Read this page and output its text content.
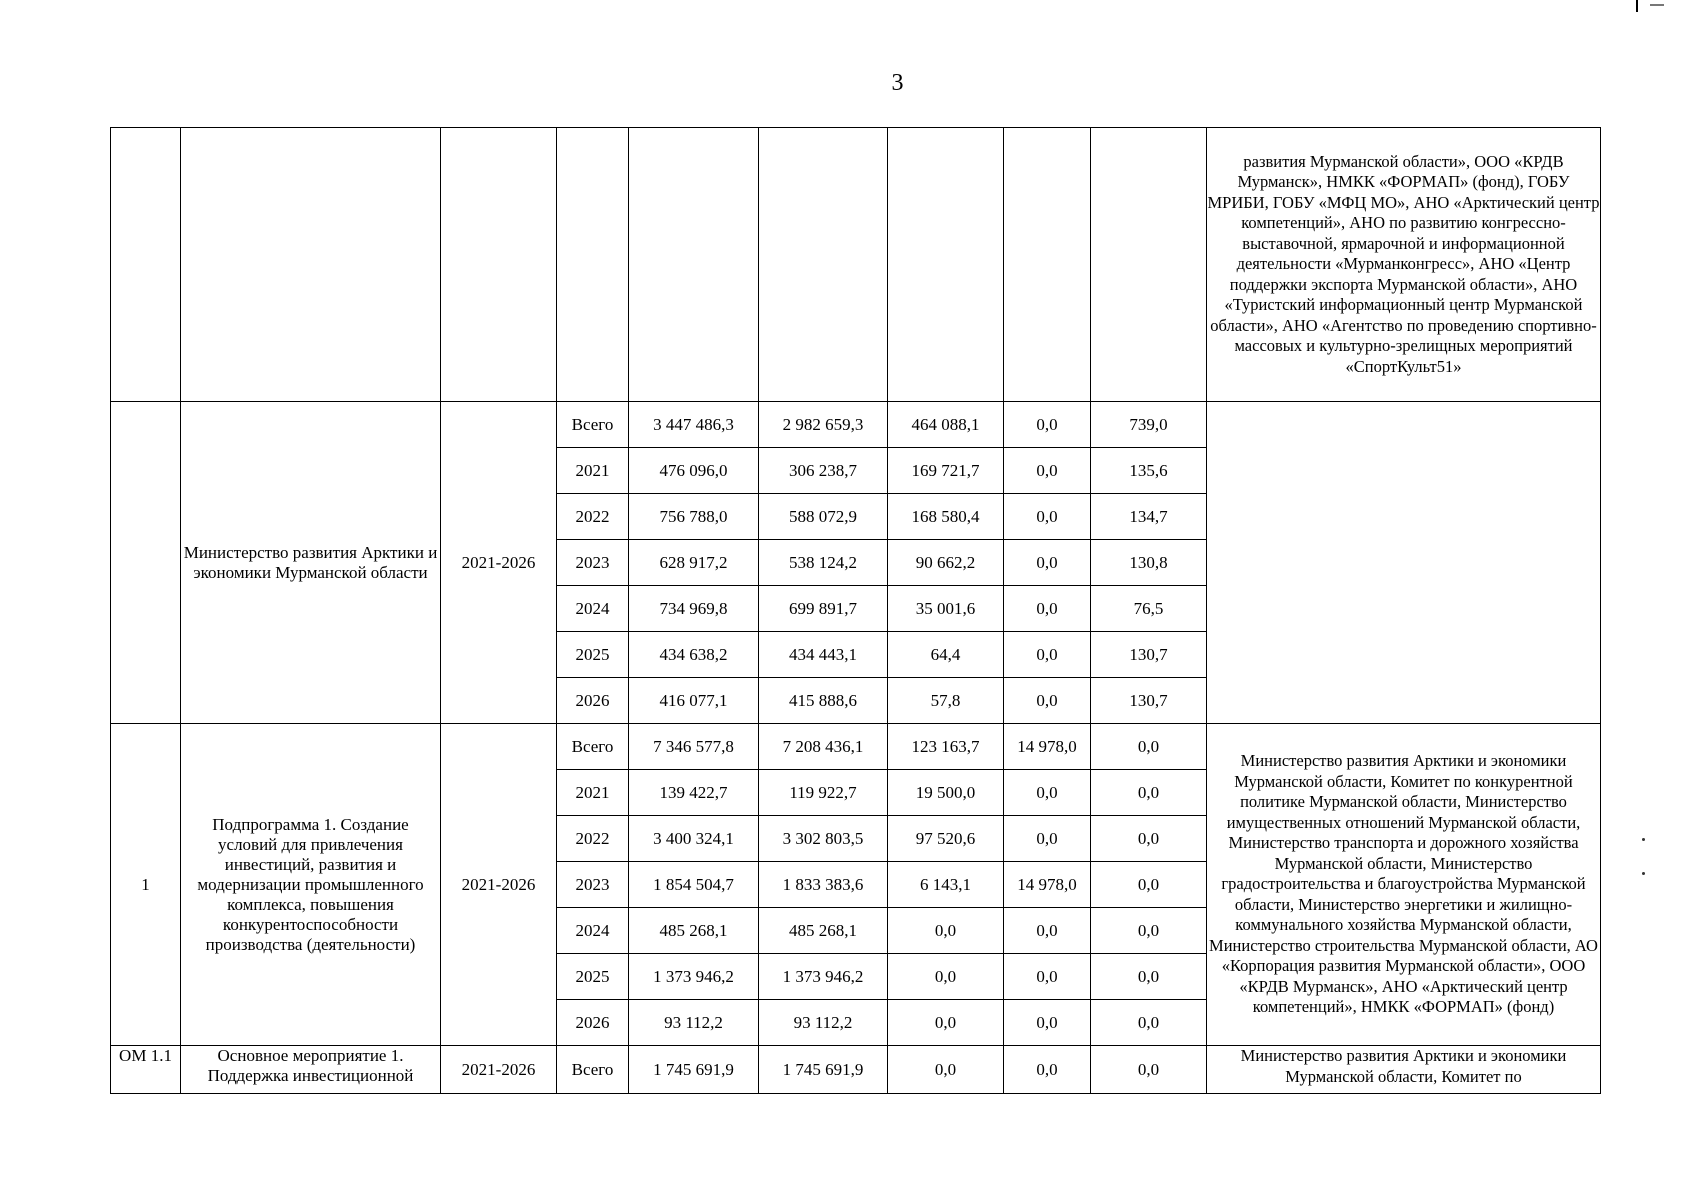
3
									развития Мурманской области», ООО «КРДВ Мурманск», НМКК «ФОРМАП» (фонд), ГОБУ МРИБИ, ГОБУ «МФЦ МО», АНО «Арктический центр компетенций», АНО по развитию конгрессно-выставочной, ярмарочной и информационной деятельности «Мурманконгресс», АНО «Центр поддержки экспорта Мурманской области», АНО «Туристский информационный центр Мурманской области», АНО «Агентство по проведению спортивно-массовых и культурно-зрелищных мероприятий «СпортКульт51»
	Министерство развития Арктики и экономики Мурманской области	2021-2026	Всего	3 447 486,3	2 982 659,3	464 088,1	0,0	739,0	
			2021	476 096,0	306 238,7	169 721,7	0,0	135,6	
			2022	756 788,0	588 072,9	168 580,4	0,0	134,7	
			2023	628 917,2	538 124,2	90 662,2	0,0	130,8	
			2024	734 969,8	699 891,7	35 001,6	0,0	76,5	
			2025	434 638,2	434 443,1	64,4	0,0	130,7	
			2026	416 077,1	415 888,6	57,8	0,0	130,7	
1	Подпрограмма 1. Создание условий для привлечения инвестиций, развития и модернизации промышленного комплекса, повышения конкурентоспособности производства (деятельности)	2021-2026	Всего	7 346 577,8	7 208 436,1	123 163,7	14 978,0	0,0	Министерство развития Арктики и экономики Мурманской области, Комитет по конкурентной политике Мурманской области, Министерство имущественных отношений Мурманской области, Министерство транспорта и дорожного хозяйства Мурманской области, Министерство градостроительства и благоустройства Мурманской области, Министерство энергетики и жилищно-коммунального хозяйства Мурманской области, Министерство строительства Мурманской области, АО «Корпорация развития Мурманской области», ООО «КРДВ Мурманск», АНО «Арктический центр компетенций», НМКК «ФОРМАП» (фонд)
			2021	139 422,7	119 922,7	19 500,0	0,0	0,0	
			2022	3 400 324,1	3 302 803,5	97 520,6	0,0	0,0	
			2023	1 854 504,7	1 833 383,6	6 143,1	14 978,0	0,0	
			2024	485 268,1	485 268,1	0,0	0,0	0,0	
			2025	1 373 946,2	1 373 946,2	0,0	0,0	0,0	
			2026	93 112,2	93 112,2	0,0	0,0	0,0	
ОМ 1.1	Основное мероприятие 1. Поддержка инвестиционной	2021-2026	Всего	1 745 691,9	1 745 691,9	0,0	0,0	0,0	Министерство развития Арктики и экономики Мурманской области, Комитет по
